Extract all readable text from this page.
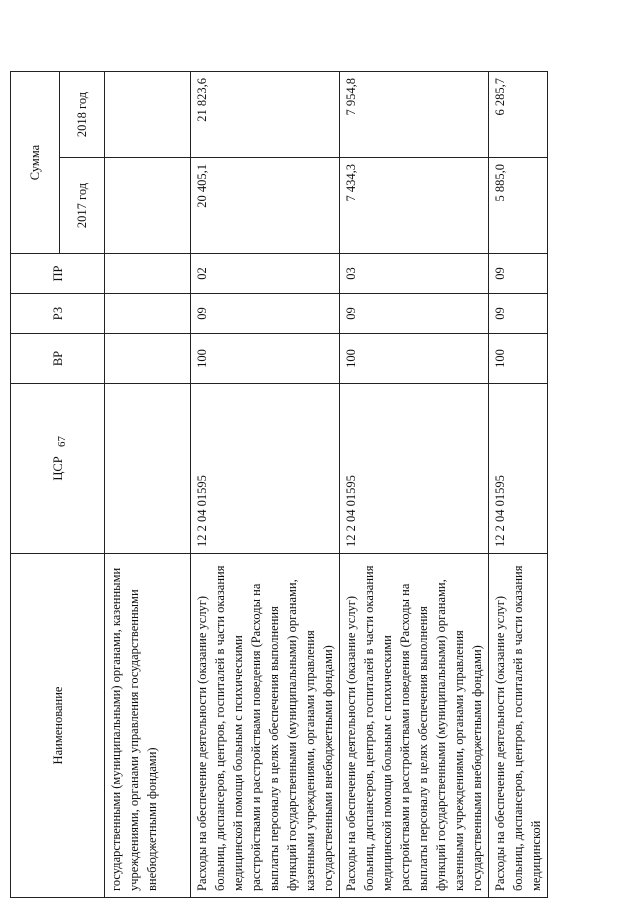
67
Наименование	ЦСР	ВР	РЗ	ПР	Сумма	
					2017 год	2018 год
государственными (муниципальными) органами, казенными учреждениями, органами управления государственными внебюджетными фондами)						
Расходы на обеспечение деятельности (оказание услуг) больниц, диспансеров, центров, госпиталей в части оказания медицинской помощи больным с психическими расстройствами и расстройствами поведения (Расходы на выплаты персоналу в целях обеспечения выполнения функций государственными (муниципальными) органами, казенными учреждениями, органами управления государственными внебюджетными фондами)	12 2 04 01595	100	09	02	20 405,1	21 823,6
Расходы на обеспечение деятельности (оказание услуг) больниц, диспансеров, центров, госпиталей в части оказания медицинской помощи больным с психическими расстройствами и расстройствами поведения (Расходы на выплаты персоналу в целях обеспечения выполнения функций государственными (муниципальными) органами, казенными учреждениями, органами управления государственными внебюджетными фондами)	12 2 04 01595	100	09	03	7 434,3	7 954,8
Расходы на обеспечение деятельности (оказание услуг) больниц, диспансеров, центров, госпиталей в части оказания медицинской	12 2 04 01595	100	09	09	5 885,0	6 285,7
